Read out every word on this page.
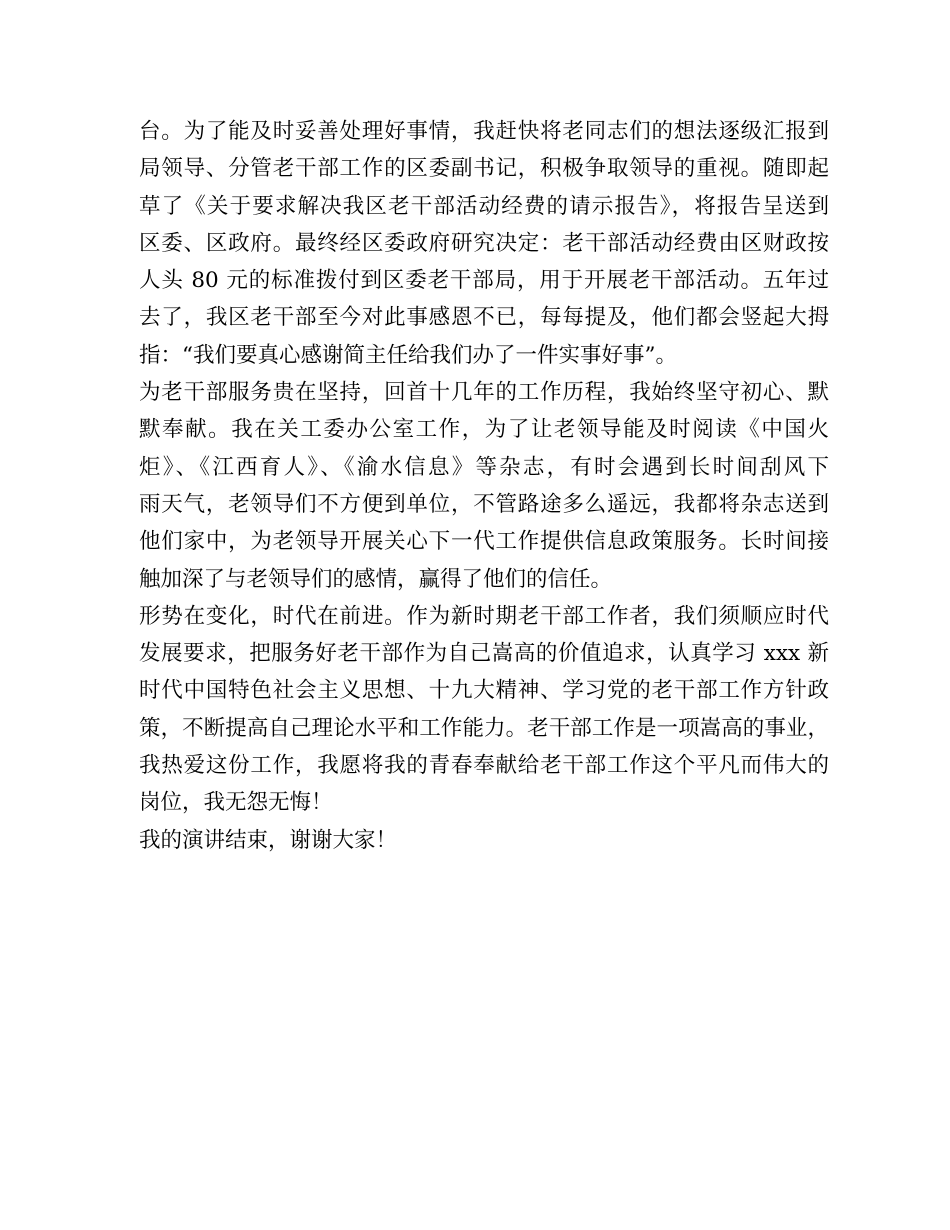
台。为了能及时妥善处理好事情，我赶快将老同志们的想法逐级汇报到
局领导、分管老干部工作的区委副书记，积极争取领导的重视。随即起
草了《关于要求解决我区老干部活动经费的请示报告》，将报告呈送到
区委、区政府。最终经区委政府研究决定：老干部活动经费由区财政按
人头 80 元的标准拨付到区委老干部局，用于开展老干部活动。五年过
去了，我区老干部至今对此事感恩不已，每每提及，他们都会竖起大拇
指：“我们要真心感谢简主任给我们办了一件实事好事”。
为老干部服务贵在坚持，回首十几年的工作历程，我始终坚守初心、默
默奉献。我在关工委办公室工作，为了让老领导能及时阅读《中国火
炬》、《江西育人》、《渝水信息》等杂志，有时会遇到长时间刮风下
雨天气，老领导们不方便到单位，不管路途多么遥远，我都将杂志送到
他们家中，为老领导开展关心下一代工作提供信息政策服务。长时间接
触加深了与老领导们的感情，赢得了他们的信任。
形势在变化，时代在前进。作为新时期老干部工作者，我们须顺应时代
发展要求，把服务好老干部作为自己嵩高的价值追求，认真学习 xxx 新
时代中国特色社会主义思想、十九大精神、学习党的老干部工作方针政
策，不断提高自己理论水平和工作能力。老干部工作是一项嵩高的事业，
我热爱这份工作，我愿将我的青春奉献给老干部工作这个平凡而伟大的
岗位，我无怨无悔！
我的演讲结束，谢谢大家！
